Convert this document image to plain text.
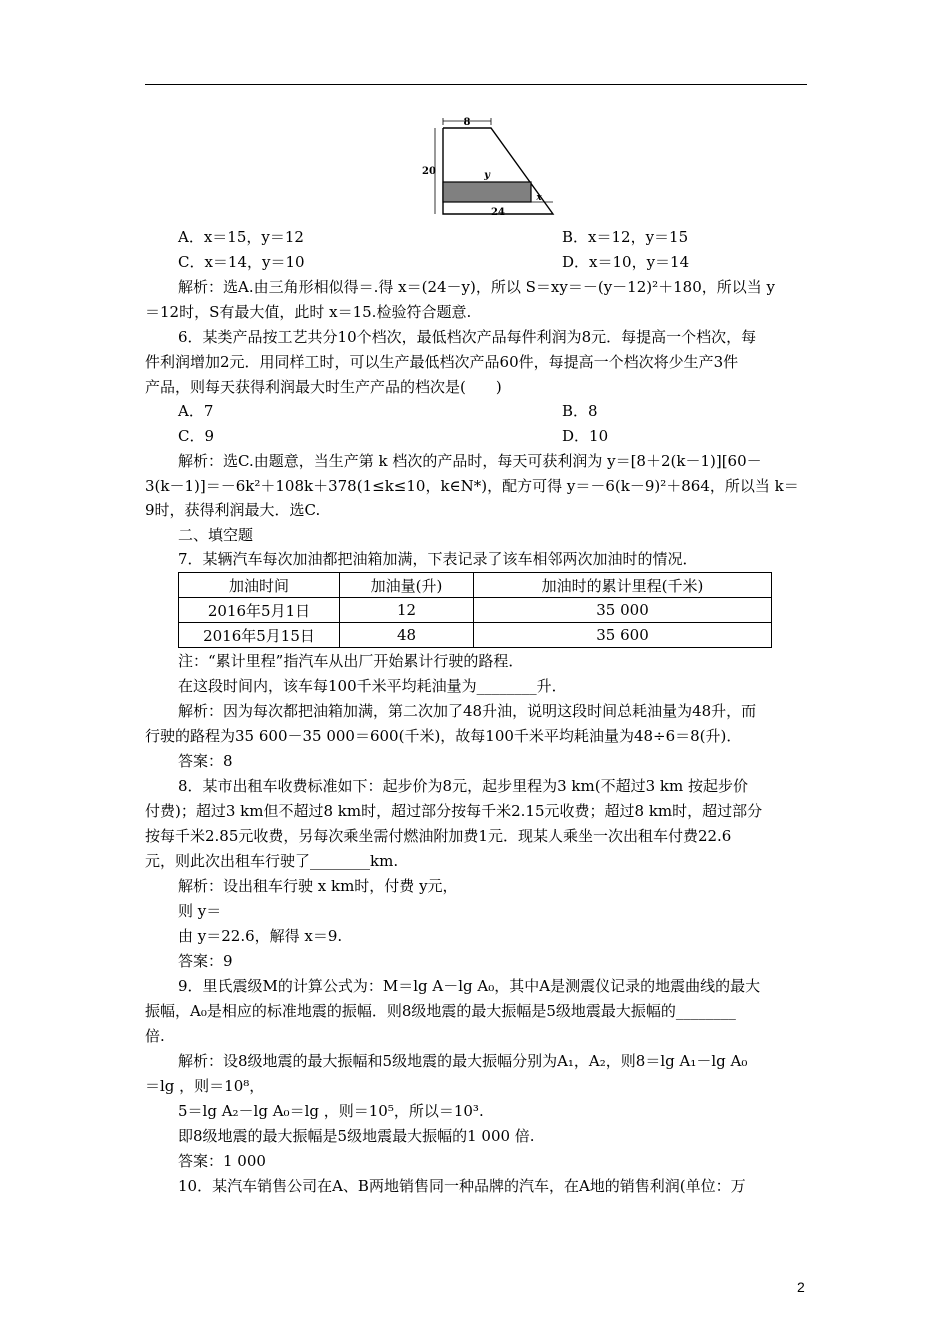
8
20
24
y
x
A．x＝15，y＝12	B．x＝12，y＝15
C．x＝14，y＝10	D．x＝10，y＝14
解析：选A.由三角形相似得＝.得 x＝(24－y)，所以 S＝xy＝－(y－12)²＋180，所以当 y
＝12时，S有最大值，此时 x＝15.检验符合题意.
6．某类产品按工艺共分10个档次，最低档次产品每件利润为8元．每提高一个档次，每
件利润增加2元．用同样工时，可以生产最低档次产品60件，每提高一个档次将少生产3件
产品，则每天获得利润最大时生产产品的档次是(　　)
A．7	B．8
C．9	D．10
解析：选C.由题意，当生产第 k 档次的产品时，每天可获利润为 y＝[8＋2(k－1)][60－
3(k－1)]＝－6k²＋108k＋378(1≤k≤10，k∈N*)，配方可得 y＝－6(k－9)²＋864，所以当 k＝
9时，获得利润最大．选C.
二、填空题
7．某辆汽车每次加油都把油箱加满，下表记录了该车相邻两次加油时的情况．
加油时间	加油量(升)	加油时的累计里程(千米)
2016年5月1日	12	35 000
2016年5月15日	48	35 600
注：“累计里程”指汽车从出厂开始累计行驶的路程．
在这段时间内，该车每100千米平均耗油量为________升．
解析：因为每次都把油箱加满，第二次加了48升油，说明这段时间总耗油量为48升，而
行驶的路程为35 600－35 000＝600(千米)，故每100千米平均耗油量为48÷6＝8(升)．
答案：8
8．某市出租车收费标准如下：起步价为8元，起步里程为3 km(不超过3 km 按起步价
付费)；超过3 km但不超过8 km时，超过部分按每千米2.15元收费；超过8 km时，超过部分
按每千米2.85元收费，另每次乘坐需付燃油附加费1元．现某人乘坐一次出租车付费22.6
元，则此次出租车行驶了________km.
解析：设出租车行驶 x km时，付费 y元，
则 y＝
由 y＝22.6，解得 x＝9.
答案：9
9．里氏震级M的计算公式为：M＝lg A－lg A₀，其中A是测震仪记录的地震曲线的最大
振幅，A₀是相应的标准地震的振幅．则8级地震的最大振幅是5级地震最大振幅的________
倍.
解析：设8级地震的最大振幅和5级地震的最大振幅分别为A₁，A₂，则8＝lg A₁－lg A₀
＝lg ，则＝10⁸，
5＝lg A₂－lg A₀＝lg ，则＝10⁵，所以＝10³.
即8级地震的最大振幅是5级地震最大振幅的1 000 倍.
答案：1 000
10．某汽车销售公司在A、B两地销售同一种品牌的汽车，在A地的销售利润(单位：万
2
